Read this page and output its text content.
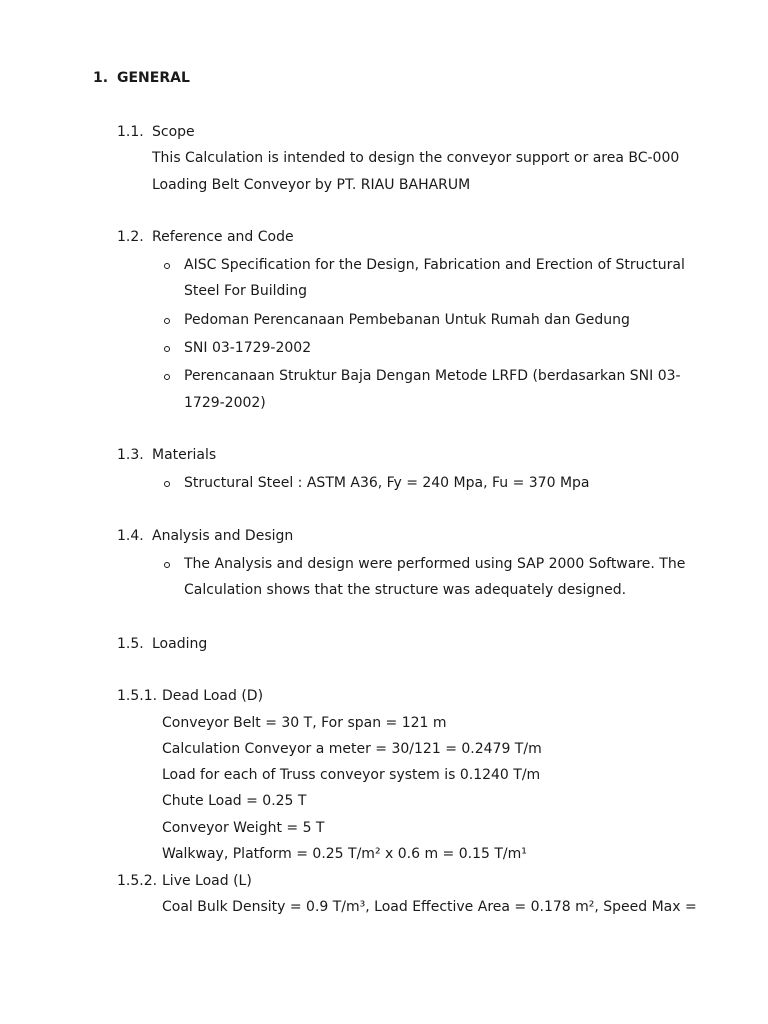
1. GENERAL
1.1. Scope
This Calculation is intended to design the conveyor support or area BC-000
Loading Belt Conveyor by PT. RIAU BAHARUM
1.2. Reference and Code
AISC Specification for the Design, Fabrication and Erection of Structural
Steel For Building
Pedoman Perencanaan Pembebanan Untuk Rumah dan Gedung
SNI 03-1729-2002
Perencanaan Struktur Baja Dengan Metode LRFD (berdasarkan SNI 03-
1729-2002)
1.3. Materials
Structural Steel : ASTM A36, Fy = 240 Mpa, Fu = 370 Mpa
1.4. Analysis and Design
The Analysis and design were performed using SAP 2000 Software. The
Calculation shows that the structure was adequately designed.
1.5. Loading
1.5.1. Dead Load (D)
Conveyor Belt = 30 T, For span = 121 m
Calculation Conveyor a meter = 30/121 = 0.2479 T/m
Load for each of Truss conveyor system is 0.1240 T/m
Chute Load = 0.25 T
Conveyor Weight = 5 T
Walkway, Platform = 0.25 T/m² x 0.6 m = 0.15 T/m¹
1.5.2. Live Load (L)
Coal Bulk Density = 0.9 T/m³, Load Effective Area = 0.178 m², Speed Max =
